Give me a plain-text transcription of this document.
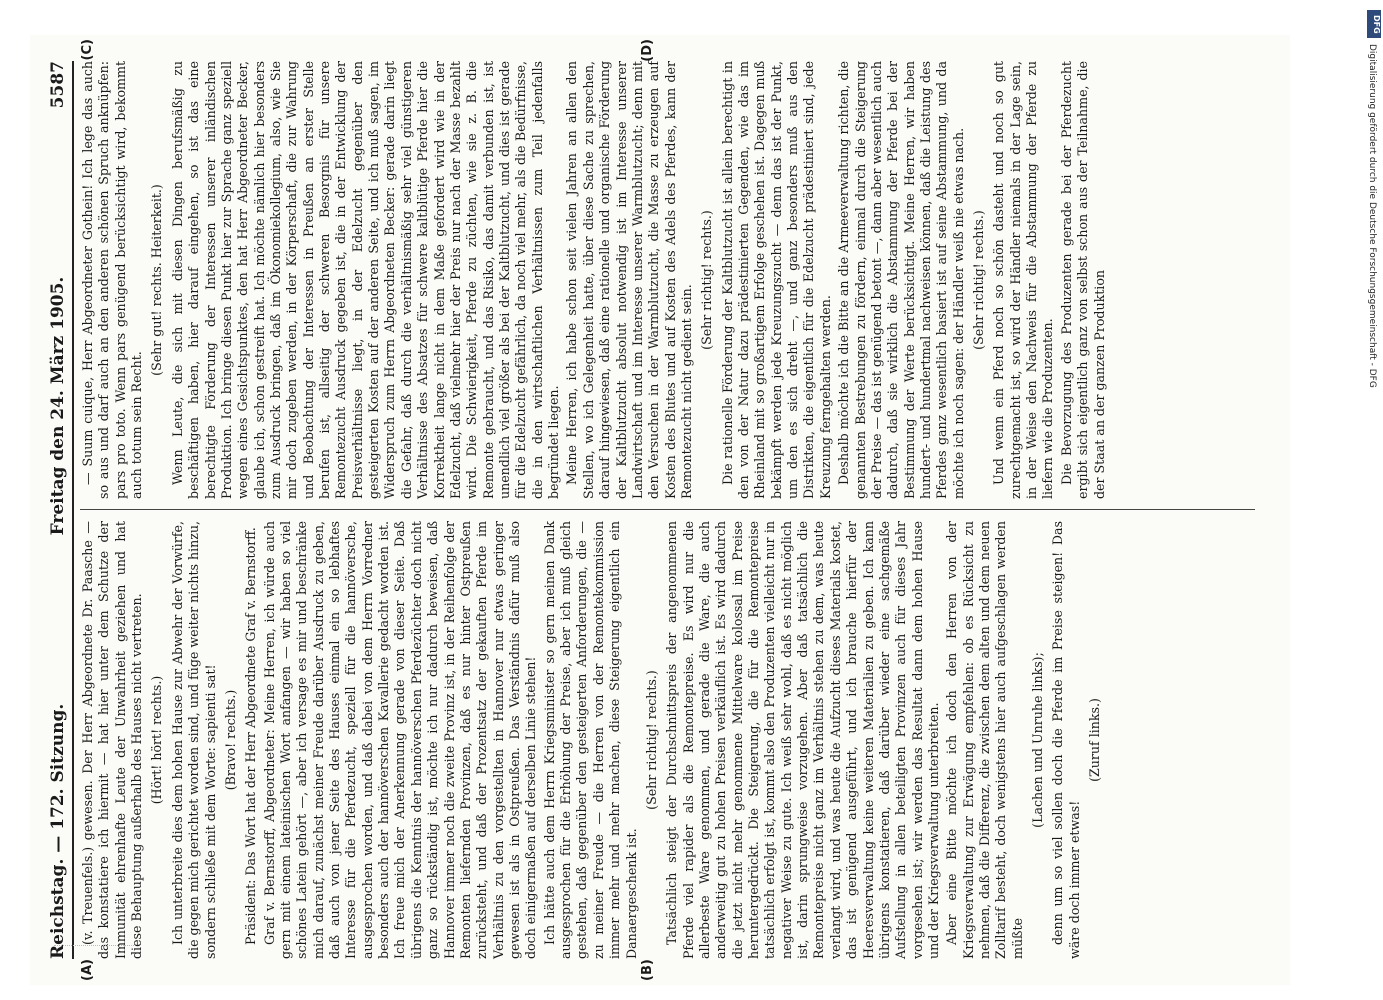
Reichstag. — 172. Sitzung.
Freitag den 24. März 1905.
5587
(A)	(B)

(v. Treuenfels.) gewesen. Der Herr Abgeordnete Dr. Paasche — das konstatiere ich hiermit — hat hier unter dem Schutze der Immunität ehrenhafte Leute der Unwahrheit geziehen und hat diese Behauptung außerhalb des Hauses nicht vertreten. (Hört! hört! rechts.) Ich unterbreite dies dem hohen Hause zur Abwehr der Vorwürfe, die gegen mich gerichtet worden sind, und füge weiter nichts hinzu, sondern schließe mit dem Worte: sapienti sat! (Bravo! rechts.) Präsident: Das Wort hat der Herr Abgeordnete Graf v. Bernstorff. Graf v. Bernstorff, Abgeordneter: Meine Herren, ich würde auch gern mit einem lateinischen Wort anfangen — wir haben so viel schönes Latein gehört —, aber ich versage es mir und beschränke mich darauf, zunächst meiner Freude darüber Ausdruck zu geben, daß auch von jener Seite des Hauses einmal ein so lebhaftes Interesse für die Pferdezucht, speziell für die hannöversche, ausgesprochen worden, und daß dabei von dem Herrn Vorredner besonders auch der hannöverschen Kavallerie gedacht worden ist. Ich freue mich der Anerkennung gerade von dieser Seite. Daß übrigens die Kenntnis der hannöverschen Pferdezüchter doch nicht ganz so rückständig ist, möchte ich nur dadurch beweisen, daß Hannover immer noch die zweite Provinz ist, in der Reihenfolge der Remonten liefernden Provinzen, daß es nur hinter Ostpreußen zurücksteht, und daß der Prozentsatz der gekauften Pferde im Verhältnis zu den vorgestellten in Hannover nur etwas geringer gewesen ist als in Ostpreußen. Das Verständnis dafür muß also doch einigermaßen auf derselben Linie stehen! Ich hätte auch dem Herrn Kriegsminister so gern meinen Dank ausgesprochen für die Erhöhung der Preise, aber ich muß gleich gestehen, daß gegenüber den gesteigerten Anforderungen, die — zu meiner Freude — die Herren von der Remontekommission immer mehr und mehr machen, diese Steigerung eigentlich ein Danaergeschenk ist.

(Sehr richtig! rechts.) Tatsächlich steigt der Durchschnittspreis der angenommenen Pferde viel rapider als die Remontepreise. Es wird nur die allerbeste Ware genommen, und gerade die Ware, die auch anderweitig gut zu hohen Preisen verkäuflich ist. Es wird dadurch die jetzt nicht mehr genommene Mittelware kolossal im Preise heruntergedrückt. Die Steigerung, die für die Remontepreise tatsächlich erfolgt ist, kommt also den Produzenten vielleicht nur in negativer Weise zu gute. Ich weiß sehr wohl, daß es nicht möglich ist, darin sprungweise vorzugehen. Aber daß tatsächlich die Remontepreise nicht ganz im Verhältnis stehen zu dem, was heute verlangt wird, und was heute die Aufzucht dieses Materials kostet, das ist genügend ausgeführt, und ich brauche hierfür der Heeresverwaltung keine weiteren Materialien zu geben. Ich kann übrigens konstatieren, daß darüber wieder eine sachgemäße Aufstellung in allen beteiligten Provinzen auch für dieses Jahr vorgesehen ist; wir werden das Resultat dann dem hohen Hause und der Kriegsverwaltung unterbreiten. Aber eine Bitte möchte ich doch den Herren von der Kriegsverwaltung zur Erwägung empfehlen: ob es Rücksicht zu nehmen, daß die Differenz, die zwischen dem alten und dem neuen Zolltarif besteht, doch wenigstens hier auch aufgeschlagen werden müßte

(Lachen und Unruhe links); denn um so viel sollen doch die Pferde im Preise steigen! Das wäre doch immer etwas!

(Zuruf links.)

(C)	(D)

— Suum cuique, Herr Abgeordneter Gothein! Ich lege das auch so aus und darf auch an den anderen schönen Spruch anknüpfen: pars pro toto. Wenn pars genügend berücksichtigt wird, bekommt auch totum sein Recht.

(Sehr gut! rechts. Heiterkeit.) Wenn Leute, die sich mit diesen Dingen berufsmäßig zu beschäftigen haben, hier darauf eingehen, so ist das eine berechtigte Förderung der Interessen unserer inländischen Produktion. Ich bringe diesen Punkt hier zur Sprache ganz speziell wegen eines Gesichtspunktes, den hat Herr Abgeordneter Becker, glaube ich, schon gestreift hat. Ich möchte nämlich hier besonders zum Ausdruck bringen, daß im Ökonomiekollegium, also, wie Sie mir doch zugeben werden, in der Körperschaft, die zur Wahrung und Beobachtung der Interessen in Preußen an erster Stelle berufen ist, allseitig der schweren Besorgnis für unsere Remontezucht Ausdruck gegeben ist, die in der Entwicklung der Preisverhältnisse liegt, in der Edelzucht gegenüber den gesteigerten Kosten auf der anderen Seite, und ich muß sagen, im Widerspruch zum Herrn Abgeordneten Becker: gerade darin liegt die Gefahr, daß durch die verhältnismäßig sehr viel günstigeren Verhältnisse des Absatzes für schwere kaltblütige Pferde hier die Korrektheit lange nicht in dem Maße gefordert wird wie in der Edelzucht, daß vielmehr hier der Preis nur nach der Masse bezahlt wird. Die Schwierigkeit, Pferde zu züchten, wie sie z. B. die Remonte gebraucht, und das Risiko, das damit verbunden ist, ist unendlich viel größer als bei der Kaltblutzucht, und dies ist gerade für die Edelzucht gefährlich, da noch viel mehr, als die Bedürfnisse, die in den wirtschaftlichen Verhältnissen zum Teil jedenfalls begründet liegen. Meine Herren, ich habe schon seit vielen Jahren an allen den Stellen, wo ich Gelegenheit hatte, über diese Sache zu sprechen, darauf hingewiesen, daß eine rationelle und organische Förderung der Kaltblutzucht absolut notwendig ist im Interesse unserer Landwirtschaft und im Interesse unserer Warmblutzucht; denn mit den Versuchen in der Warmblutzucht, die Masse zu erzeugen auf Kosten des Blutes und auf Kosten des Adels des Pferdes, kann der Remontezucht nicht gedient sein.

(Sehr richtig! rechts.) Die rationelle Förderung der Kaltblutzucht ist allein berechtigt in den von der Natur dazu prädestinierten Gegenden, wie das im Rheinland mit so großartigem Erfolge geschehen ist. Dagegen muß bekämpft werden jede Kreuzungszucht — denn das ist der Punkt, um den es sich dreht —, und ganz besonders muß aus den Distrikten, die eigentlich für die Edelzucht prädestiniert sind, jede Kreuzung ferngehalten werden. Deshalb möchte ich die Bitte an die Armeeverwaltung richten, die genannten Bestrebungen zu fördern, einmal durch die Steigerung der Preise — das ist genügend betont —, dann aber wesentlich auch dadurch, daß sie wirklich die Abstammung der Pferde bei der Bestimmung der Werte berücksichtigt. Meine Herren, wir haben hundert- und hundertmal nachweisen können, daß die Leistung des Pferdes ganz wesentlich basiert ist auf seine Abstammung, und da möchte ich noch sagen: der Händler weiß nie etwas nach. (Sehr richtig! rechts.) Und wenn ein Pferd noch so schön dasteht und noch so gut zurechtgemacht ist, so wird der Händler niemals in der Lage sein, in der Weise den Nachweis für die Abstammung der Pferde zu liefern wie die Produzenten. Die Bevorzugung des Produzenten gerade bei der Pferdezucht ergibt sich eigentlich ganz von selbst schon aus der Teilnahme, die der Staat an der ganzen Produktion

DFG
Digitalisierung gefördert durch die Deutsche Forschungsgemeinschaft - DFG
